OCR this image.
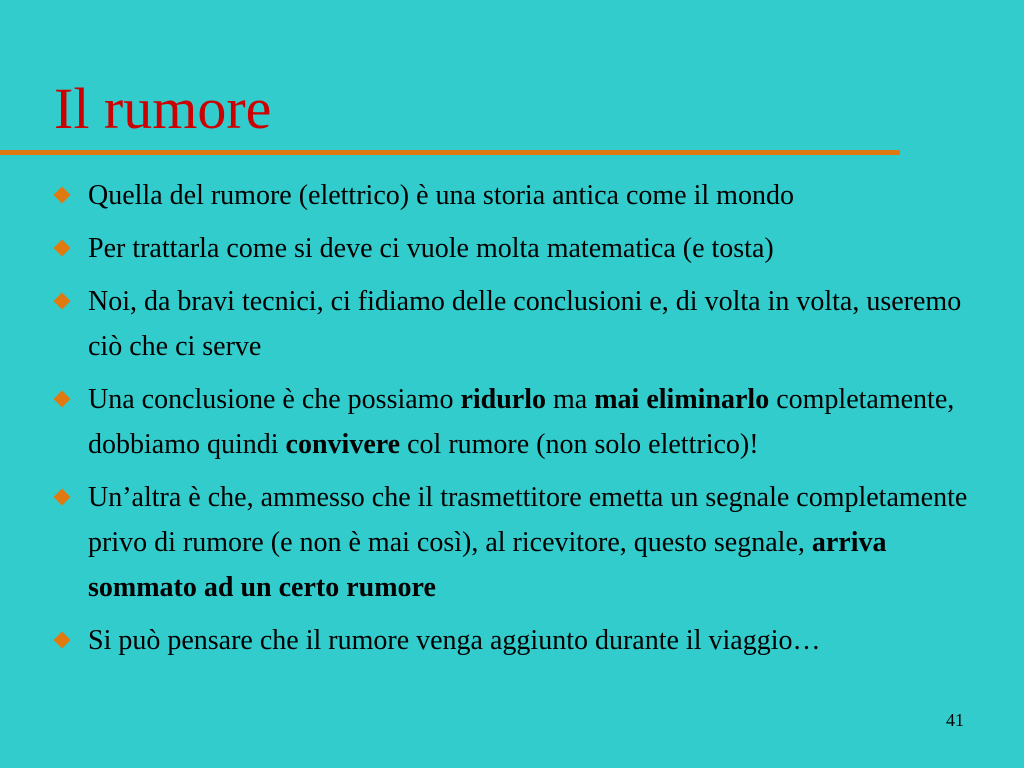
Il rumore
Quella del rumore (elettrico) è una storia antica come il mondo
Per trattarla come si deve ci vuole molta matematica (e tosta)
Noi, da bravi tecnici, ci fidiamo delle conclusioni e, di volta in volta, useremo ciò che ci serve
Una conclusione è che possiamo ridurlo ma mai eliminarlo completamente, dobbiamo quindi convivere col rumore (non solo elettrico)!
Un’altra è che, ammesso che il trasmettitore emetta un segnale completamente privo di rumore (e non è mai così), al ricevitore, questo segnale, arriva sommato ad un certo rumore
Si può pensare che il rumore venga aggiunto durante il viaggio…
41
